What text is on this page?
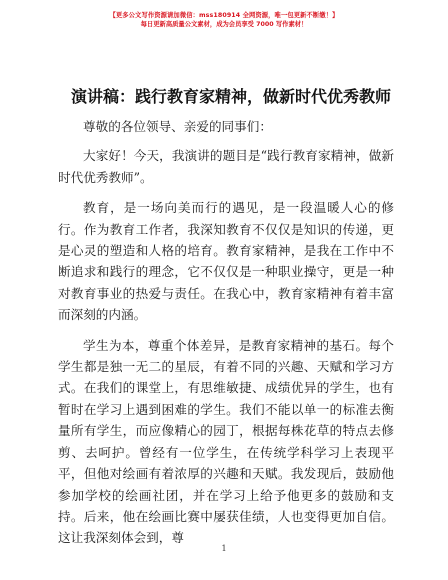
【更多公文写作资源请加微信：mss180914 全网资源，唯一包更新不断缴！】
每日更新高质量公文素材，成为会员享受 7000 写作素材！
演讲稿：践行教育家精神，做新时代优秀教师

尊敬的各位领导、亲爱的同事们：

大家好！今天，我演讲的题目是“践行教育家精神，做新时代优秀教师”。

教育，是一场向美而行的遇见，是一段温暖人心的修行。作为教育工作者，我深知教育不仅仅是知识的传递，更是心灵的塑造和人格的培育。教育家精神，是我在工作中不断追求和践行的理念，它不仅仅是一种职业操守，更是一种对教育事业的热爱与责任。在我心中，教育家精神有着丰富而深刻的内涵。

学生为本，尊重个体差异，是教育家精神的基石。每个学生都是独一无二的星辰，有着不同的兴趣、天赋和学习方式。在我们的课堂上，有思维敏捷、成绩优异的学生，也有暂时在学习上遇到困难的学生。我们不能以单一的标准去衡量所有学生，而应像精心的园丁，根据每株花草的特点去修剪、去呵护。曾经有一位学生，在传统学科学习上表现平平，但他对绘画有着浓厚的兴趣和天赋。我发现后，鼓励他参加学校的绘画社团，并在学习上给予他更多的鼓励和支持。后来，他在绘画比赛中屡获佳绩，人也变得更加自信。这让我深刻体会到，尊

1
